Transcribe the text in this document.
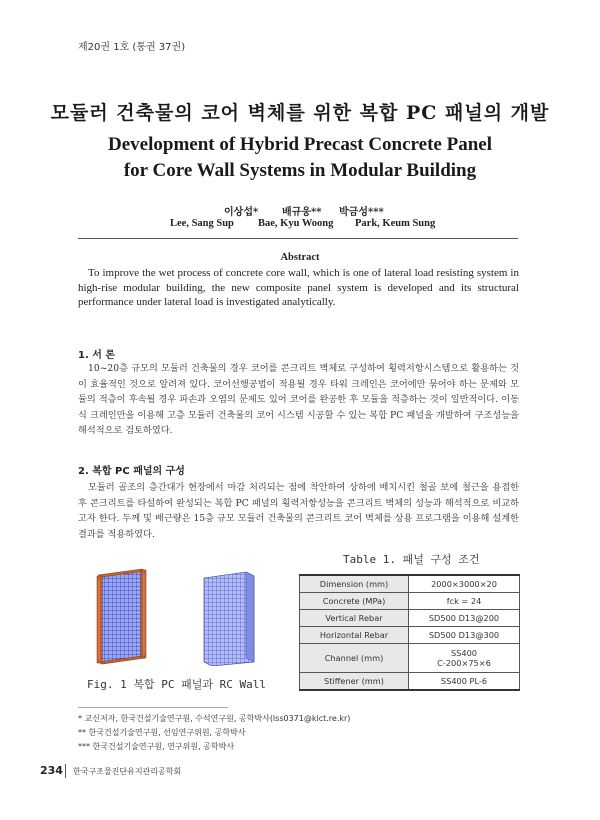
제20권 1호 (통권 37권)
모듈러 건축물의 코어 벽체를 위한 복합 PC 패널의 개발
Development of Hybrid Precast Concrete Panel
for Core Wall Systems in Modular Building
이상섭* 배규웅** 박금성***
Lee, Sang Sup Bae, Kyu Woong Park, Keum Sung
Abstract
To improve the wet process of concrete core wall, which is one of lateral load resisting system in high-rise modular building, the new composite panel system is developed and its structural performance under lateral load is investigated analytically.
1. 서 론
10~20층 규모의 모듈러 건축물의 경우 코어를 콘크리트 벽체로 구성하여 횡력저항시스템으로 활용하는 것이 효율적인 것으로 알려져 있다. 코어선행공법이 적용될 경우 타워 크레인은 코어에만 묶어야 하는 문제와 모듈의 적층이 후속될 경우 파손과 오염의 문제도 있어 코어를 완공한 후 모듈을 적층하는 것이 일반적이다. 이동식 크레인만을 이용해 고층 모듈러 건축물의 코어 시스템 시공할 수 있는 복합 PC 패널을 개발하여 구조성능을 해석적으로 검토하였다.
2. 복합 PC 패널의 구성
모듈러 골조의 층간대가 현장에서 마감 처리되는 점에 착안하여 상하에 배치시킨 철골 보에 철근을 용접한 후 콘크리트를 타설하여 완성되는 복합 PC 패널의 횡력저항성능을 콘크리트 벽체의 성능과 해석적으로 비교하고자 한다. 두께 및 배근량은 15층 규모 모듈러 건축물의 콘크리트 코어 벽체를 상용 프로그램을 이용해 설계한 결과를 적용하였다.
Fig. 1 복합 PC 패널과 RC Wall
Table 1. 패널 구성 조건
Dimension (mm)	2000×3000×20
Concrete (MPa)	fck = 24
Vertical Rebar	SD500 D13@200
Horizontal Rebar	SD500 D13@300
Channel (mm)	SS400
C-200×75×6

Stiffener (mm)	SS400 PL-6
* 교신저자, 한국건설기술연구원, 수석연구원, 공학박사(lss0371@kict.re.kr)
** 한국건설기술연구원, 선임연구위원, 공학박사
*** 한국건설기술연구원, 연구위원, 공학박사
234 한국구조물진단유지관리공학회
